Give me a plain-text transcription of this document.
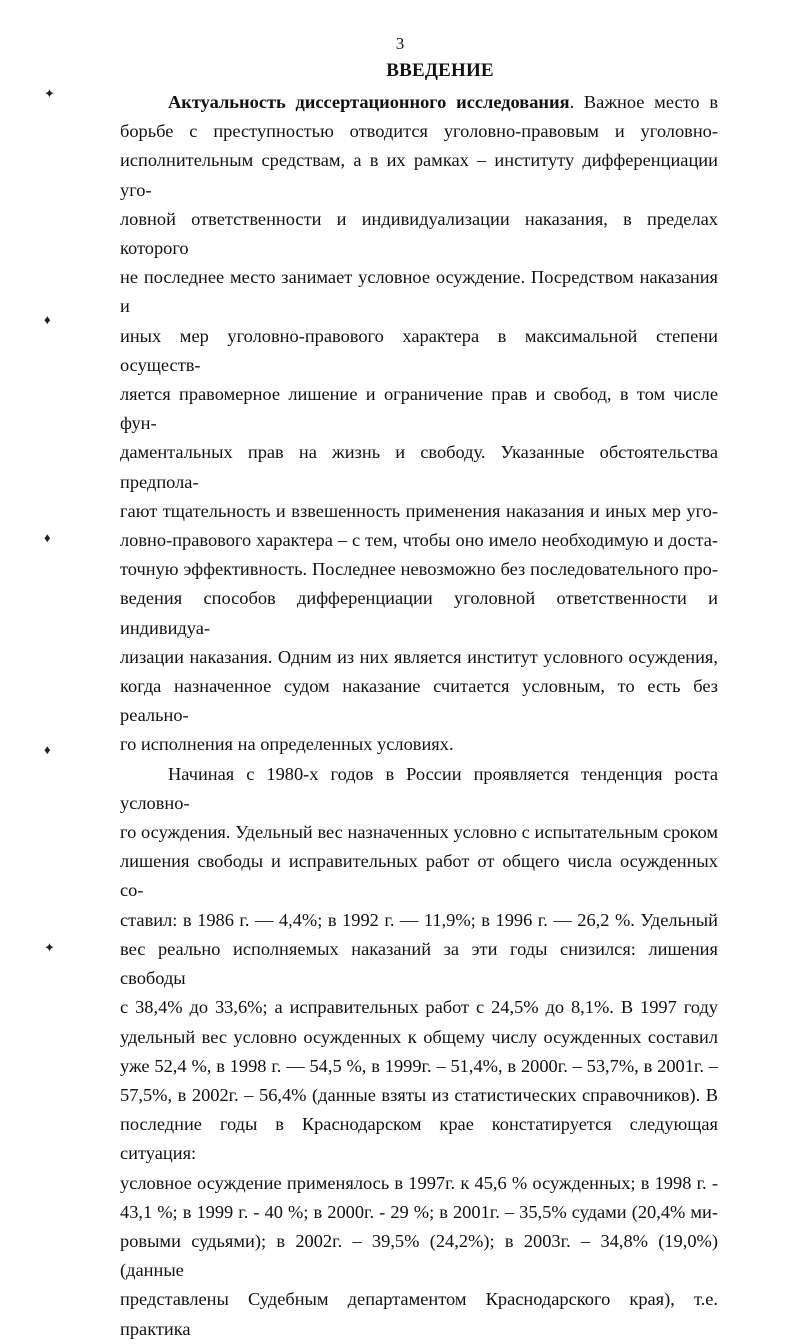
3
ВВЕДЕНИЕ
✦
♦
♦
♦
✦

Актуальность диссертационного исследования. Важное место в

борьбе с преступностью отводится уголовно-правовым и уголовно-

исполнительным средствам, а в их рамках – институту дифференциации уго-

ловной ответственности и индивидуализации наказания, в пределах которого

не последнее место занимает условное осуждение. Посредством наказания и

иных мер уголовно-правового характера в максимальной степени осуществ-

ляется правомерное лишение и ограничение прав и свобод, в том числе фун-

даментальных прав на жизнь и свободу. Указанные обстоятельства предпола-

гают тщательность и взвешенность применения наказания и иных мер уго-

ловно-правового характера – с тем, чтобы оно имело необходимую и доста-

точную эффективность. Последнее невозможно без последовательного про-

ведения способов дифференциации уголовной ответственности и индивидуа-

лизации наказания. Одним из них является институт условного осуждения,

когда назначенное судом наказание считается условным, то есть без реально-

го исполнения на определенных условиях.

Начиная с 1980-х годов в России проявляется тенденция роста условно-

го осуждения. Удельный вес назначенных условно с испытательным сроком

лишения свободы и исправительных работ от общего числа осужденных со-

ставил: в 1986 г. — 4,4%; в 1992 г. — 11,9%; в 1996 г. — 26,2 %. Удельный

вес реально исполняемых наказаний за эти годы снизился: лишения свободы

с 38,4% до 33,6%; а исправительных работ с 24,5% до 8,1%. В 1997 году

удельный вес условно осужденных к общему числу осужденных составил

уже 52,4 %, в 1998 г. — 54,5 %, в 1999г. – 51,4%, в 2000г. – 53,7%, в 2001г. –

57,5%, в 2002г. – 56,4% (данные взяты из статистических справочников). В

последние годы в Краснодарском крае констатируется следующая ситуация:

условное осуждение применялось в 1997г. к 45,6 % осужденных; в 1998 г. -

43,1 %; в 1999 г. - 40 %; в 2000г. - 29 %; в 2001г. – 35,5% судами (20,4% ми-

ровыми судьями); в 2002г. – 39,5% (24,2%); в 2003г. – 34,8% (19,0%) (данные

представлены Судебным департаментом Краснодарского края), т.е. практика
